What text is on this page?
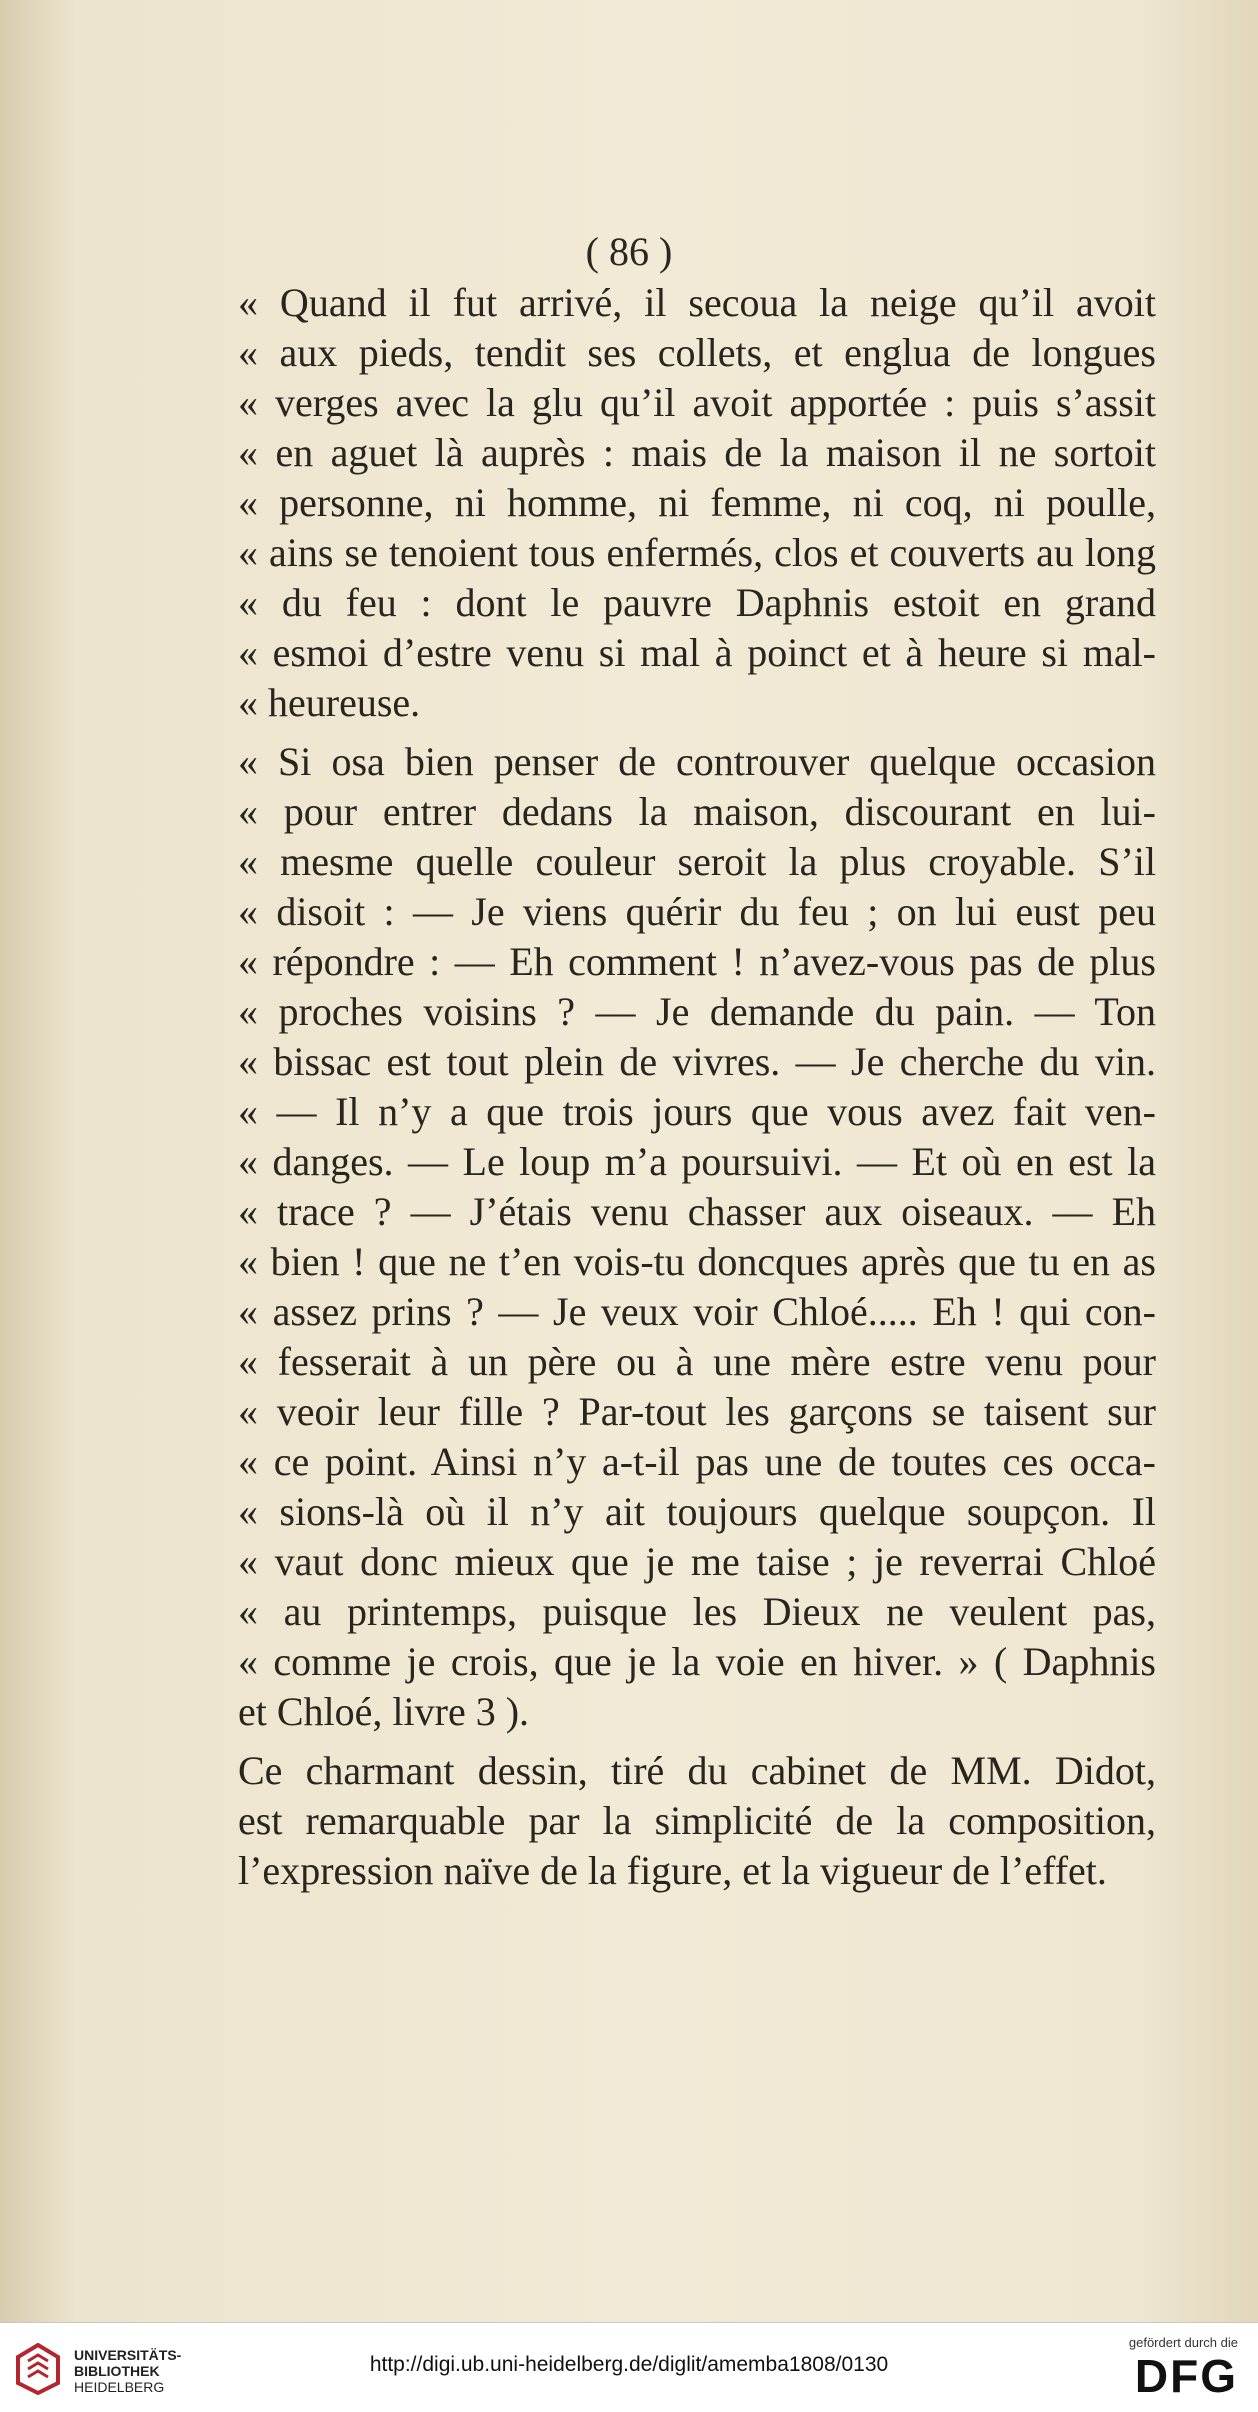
( 86 )
« Quand il fut arrivé, il secoua la neige qu’il avoit
« aux pieds, tendit ses collets, et englua de longues
« verges avec la glu qu’il avoit apportée : puis s’assit
« en aguet là auprès : mais de la maison il ne sortoit
« personne, ni homme, ni femme, ni coq, ni poulle,
« ains se tenoient tous enfermés, clos et couverts au long
« du feu : dont le pauvre Daphnis estoit en grand
« esmoi d’estre venu si mal à poinct et à heure si mal-
« heureuse.
« Si osa bien penser de controuver quelque occasion
« pour entrer dedans la maison, discourant en lui-
« mesme quelle couleur seroit la plus croyable. S’il
« disoit : — Je viens quérir du feu ; on lui eust peu
« répondre : — Eh comment ! n’avez-vous pas de plus
« proches voisins ? — Je demande du pain. — Ton
« bissac est tout plein de vivres. — Je cherche du vin.
« — Il n’y a que trois jours que vous avez fait ven-
« danges. — Le loup m’a poursuivi. — Et où en est la
« trace ? — J’étais venu chasser aux oiseaux. — Eh
« bien ! que ne t’en vois-tu doncques après que tu en as
« assez prins ? — Je veux voir Chloé..... Eh ! qui con-
« fesserait à un père ou à une mère estre venu pour
« veoir leur fille ? Par-tout les garçons se taisent sur
« ce point. Ainsi n’y a-t-il pas une de toutes ces occa-
« sions-là où il n’y ait toujours quelque soupçon. Il
« vaut donc mieux que je me taise ; je reverrai Chloé
« au printemps, puisque les Dieux ne veulent pas,
« comme je crois, que je la voie en hiver. » ( Daphnis
et Chloé, livre 3 ).
Ce charmant dessin, tiré du cabinet de MM. Didot,
est remarquable par la simplicité de la composition,
l’expression naïve de la figure, et la vigueur de l’effet.
UNIVERSITÄTS-
BIBLIOTHEK
HEIDELBERG
http://digi.ub.uni-heidelberg.de/diglit/amemba1808/0130
gefördert durch die
DFG
